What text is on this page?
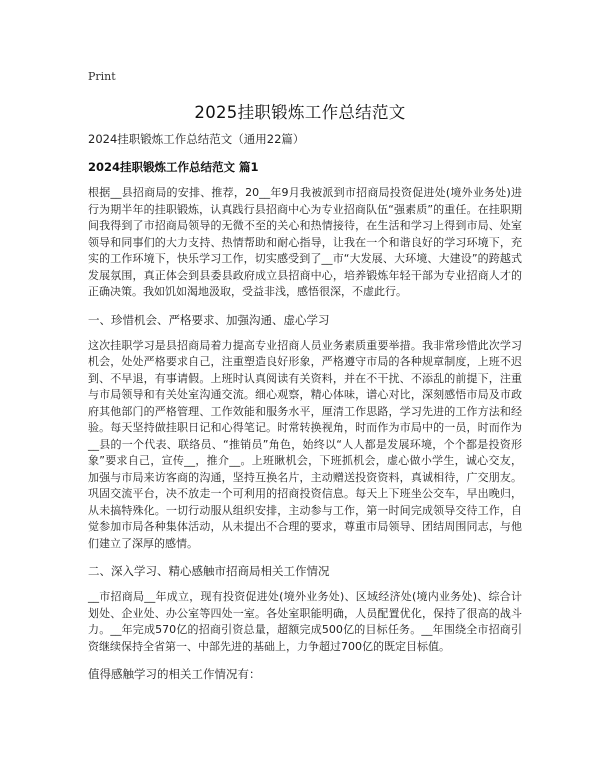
Print
2025挂职锻炼工作总结范文

2024挂职锻炼工作总结范文（通用22篇）

2024挂职锻炼工作总结范文 篇1

根据__县招商局的安排、推荐，20__年9月我被派到市招商局投资促进处(境外业务处)进行为期半年的挂职锻炼，认真践行县招商中心为专业招商队伍“强素质”的重任。在挂职期间我得到了市招商局领导的无微不至的关心和热情接待，在生活和学习上得到市局、处室领导和同事们的大力支持、热情帮助和耐心指导，让我在一个和谐良好的学习环境下，充实的工作环境下，快乐学习工作，切实感受到了__市“大发展、大环境、大建设”的跨越式发展氛围，真正体会到县委县政府成立县招商中心，培养锻炼年轻干部为专业招商人才的正确决策。我如饥如渴地汲取，受益非浅，感悟很深，不虚此行。

一、珍惜机会、严格要求、加强沟通、虚心学习

这次挂职学习是县招商局着力提高专业招商人员业务素质重要举措。我非常珍惜此次学习机会，处处严格要求自己，注重塑造良好形象，严格遵守市局的各种规章制度，上班不迟到、不早退，有事请假。上班时认真阅读有关资料，并在不干扰、不添乱的前提下，注重与市局领导和有关处室沟通交流。细心观察，精心体味，谱心对比，深刻感悟市局及市政府其他部门的严格管理、工作效能和服务水平，厘清工作思路，学习先进的工作方法和经验。每天坚持做挂职日记和心得笔记。时常转换视角，时而作为市局中的一员，时而作为__县的一个代表、联络员、“推销员”角色，始终以“人人都是发展环境，个个都是投资形象”要求自己，宣传__，推介__。上班瞅机会，下班抓机会，虚心做小学生，诚心交友，加强与市局来访客商的沟通，坚持互换名片，主动赠送投资资料，真诚相待，广交朋友。巩固交流平台，决不放走一个可利用的招商投资信息。每天上下班坐公交车，早出晚归，从未搞特殊化。一切行动服从组织安排，主动参与工作，第一时间完成领导交待工作，自觉参加市局各种集体活动，从未提出不合理的要求，尊重市局领导、团结周围同志，与他们建立了深厚的感情。

二、深入学习、精心感触市招商局相关工作情况

__市招商局__年成立，现有投资促进处(境外业务处)、区域经济处(境内业务处)、综合计划处、企业处、办公室等四处一室。各处室职能明确，人员配置优化，保持了很高的战斗力。__年完成570亿的招商引资总量，超额完成500亿的目标任务。__年围绕全市招商引资继续保持全省第一、中部先进的基础上，力争超过700亿的既定目标值。

值得感触学习的相关工作情况有：
